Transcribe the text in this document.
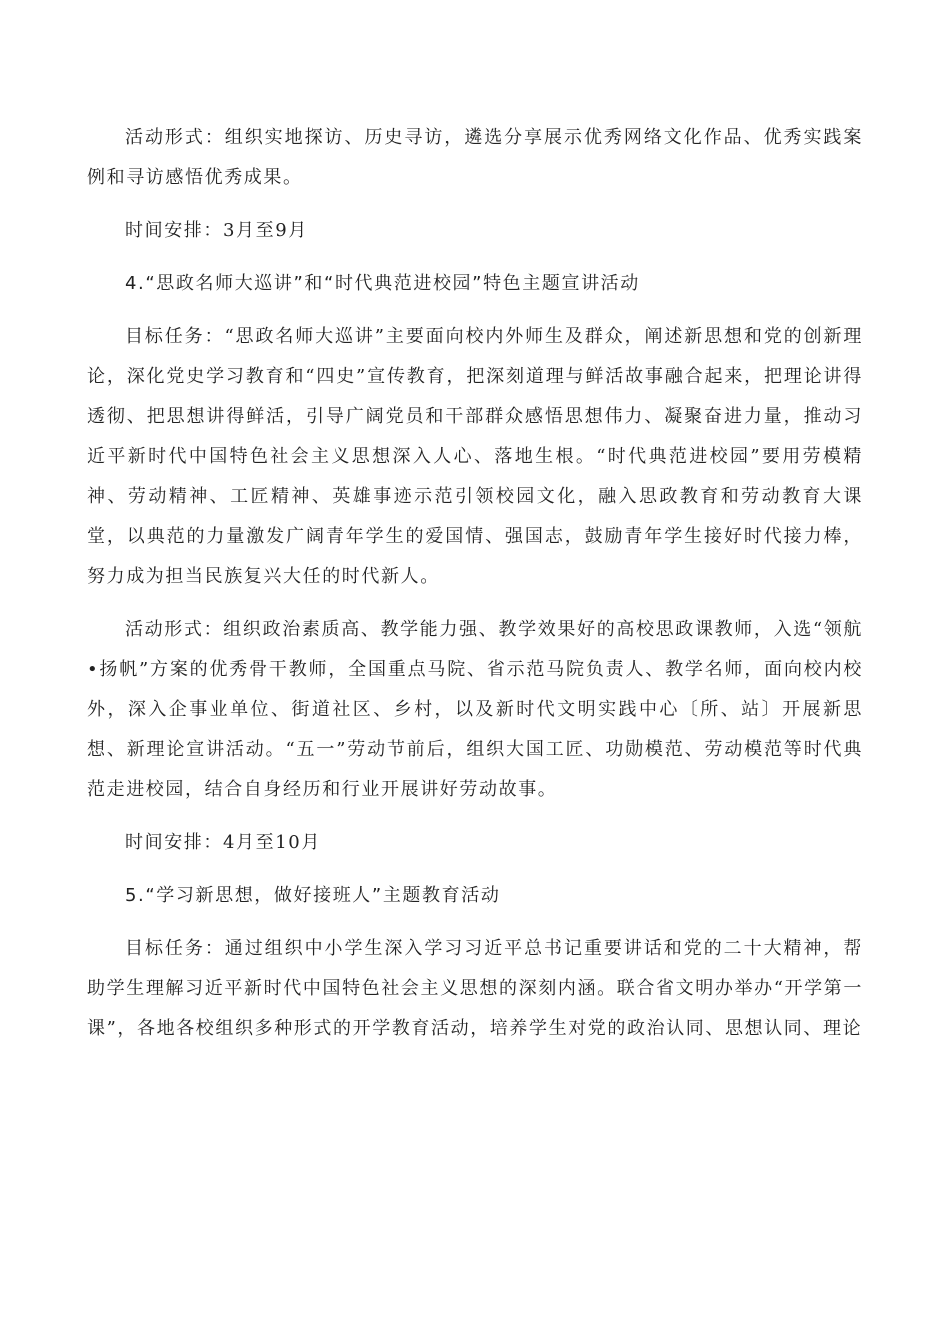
活动形式：组织实地探访、历史寻访，遴选分享展示优秀网络文化作品、优秀实践案例和寻访感悟优秀成果。

时间安排：3月至9月

4.“思政名师大巡讲”和“时代典范进校园”特色主题宣讲活动

目标任务：“思政名师大巡讲”主要面向校内外师生及群众，阐述新思想和党的创新理论，深化党史学习教育和“四史”宣传教育，把深刻道理与鲜活故事融合起来，把理论讲得透彻、把思想讲得鲜活，引导广阔党员和干部群众感悟思想伟力、凝聚奋进力量，推动习近平新时代中国特色社会主义思想深入人心、落地生根。“时代典范进校园”要用劳模精神、劳动精神、工匠精神、英雄事迹示范引领校园文化，融入思政教育和劳动教育大课堂，以典范的力量激发广阔青年学生的爱国情、强国志，鼓励青年学生接好时代接力棒，努力成为担当民族复兴大任的时代新人。

活动形式：组织政治素质高、教学能力强、教学效果好的高校思政课教师，入选“领航•扬帆”方案的优秀骨干教师，全国重点马院、省示范马院负责人、教学名师，面向校内校外，深入企事业单位、街道社区、乡村，以及新时代文明实践中心〔所、站〕开展新思想、新理论宣讲活动。“五一”劳动节前后，组织大国工匠、功勋模范、劳动模范等时代典范走进校园，结合自身经历和行业开展讲好劳动故事。

时间安排：4月至10月

5.“学习新思想，做好接班人”主题教育活动

目标任务：通过组织中小学生深入学习习近平总书记重要讲话和党的二十大精神，帮助学生理解习近平新时代中国特色社会主义思想的深刻内涵。联合省文明办举办“开学第一课”，各地各校组织多种形式的开学教育活动，培养学生对党的政治认同、思想认同、理论
